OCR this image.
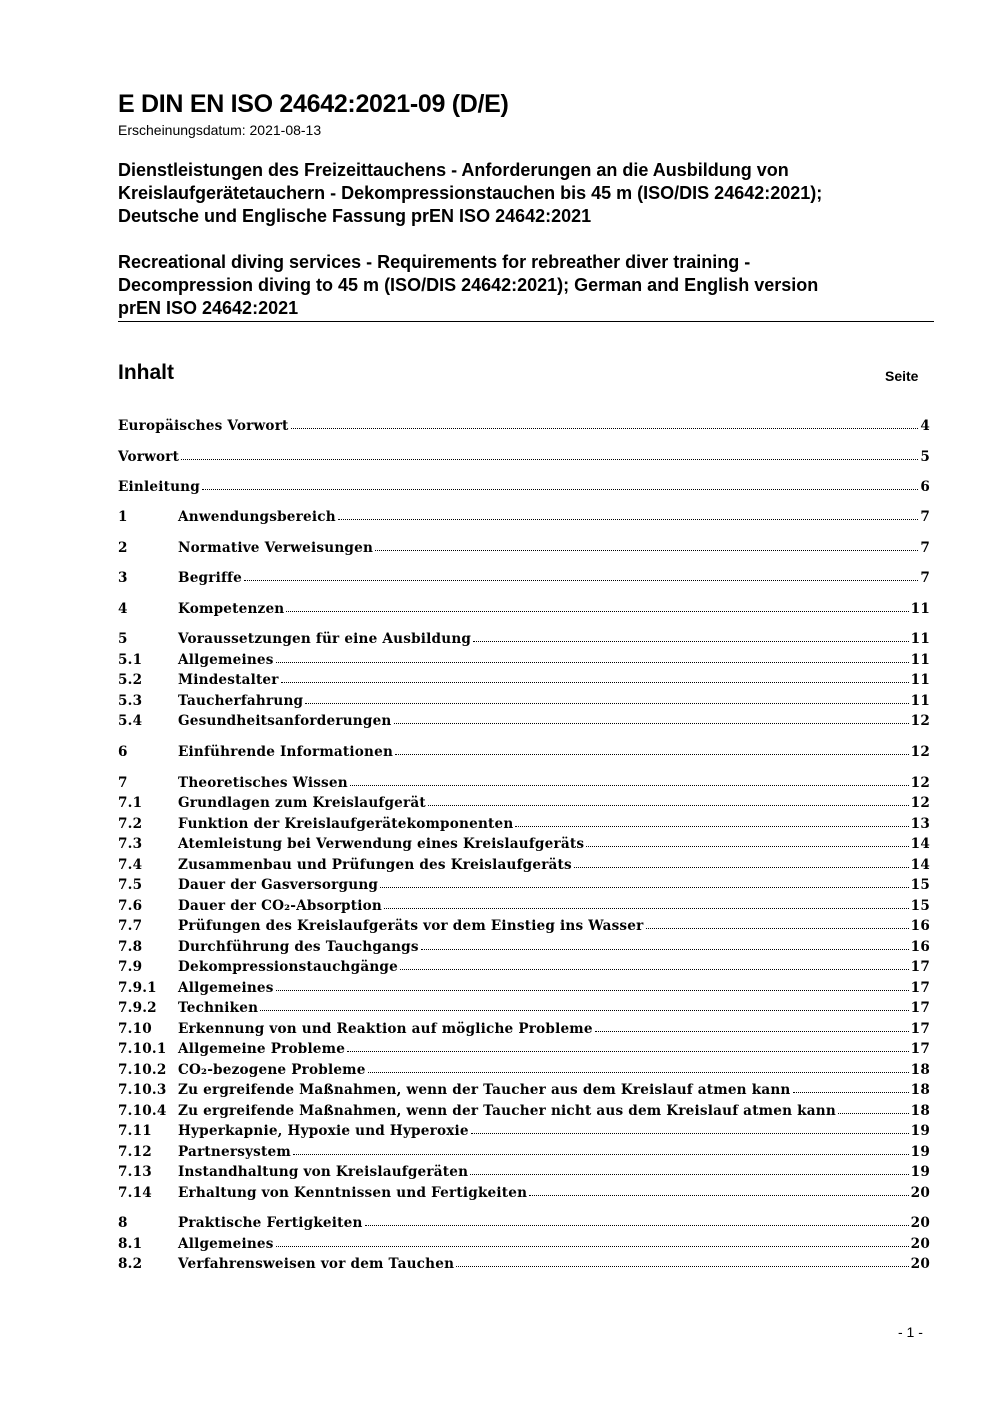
E DIN EN ISO 24642:2021-09 (D/E)

Erscheinungsdatum: 2021-08-13

Dienstleistungen des Freizeittauchens - Anforderungen an die Ausbildung von
Kreislaufgerätetauchern - Dekompressionstauchen bis 45 m (ISO/DIS 24642:2021);
Deutsche und Englische Fassung prEN ISO 24642:2021
Recreational diving services - Requirements for rebreather diver training -
Decompression diving to 45 m (ISO/DIS 24642:2021); German and English version
prEN ISO 24642:2021
Inhalt	Seite
Europäisches Vorwort	4
Vorwort	5
Einleitung	6
1	Anwendungsbereich	7
2	Normative Verweisungen	7
3	Begriffe	7
4	Kompetenzen	11
5	Voraussetzungen für eine Ausbildung	11
5.1	Allgemeines	11
5.2	Mindestalter	11
5.3	Taucherfahrung	11
5.4	Gesundheitsanforderungen	12
6	Einführende Informationen	12
7	Theoretisches Wissen	12
7.1	Grundlagen zum Kreislaufgerät	12
7.2	Funktion der Kreislaufgerätekomponenten	13
7.3	Atemleistung bei Verwendung eines Kreislaufgeräts	14
7.4	Zusammenbau und Prüfungen des Kreislaufgeräts	14
7.5	Dauer der Gasversorgung	15
7.6	Dauer der CO₂-Absorption	15
7.7	Prüfungen des Kreislaufgeräts vor dem Einstieg ins Wasser	16
7.8	Durchführung des Tauchgangs	16
7.9	Dekompressionstauchgänge	17
7.9.1	Allgemeines	17
7.9.2	Techniken	17
7.10	Erkennung von und Reaktion auf mögliche Probleme	17
7.10.1 Allgemeine Probleme	17
7.10.2 CO₂-bezogene Probleme	18
7.10.3 Zu ergreifende Maßnahmen, wenn der Taucher aus dem Kreislauf atmen kann	18
7.10.4 Zu ergreifende Maßnahmen, wenn der Taucher nicht aus dem Kreislauf atmen kann	18
7.11	Hyperkapnie, Hypoxie und Hyperoxie	19
7.12	Partnersystem	19
7.13	Instandhaltung von Kreislaufgeräten	19
7.14	Erhaltung von Kenntnissen und Fertigkeiten	20
8	Praktische Fertigkeiten	20
8.1	Allgemeines	20
8.2	Verfahrensweisen vor dem Tauchen	20
- 1 -
